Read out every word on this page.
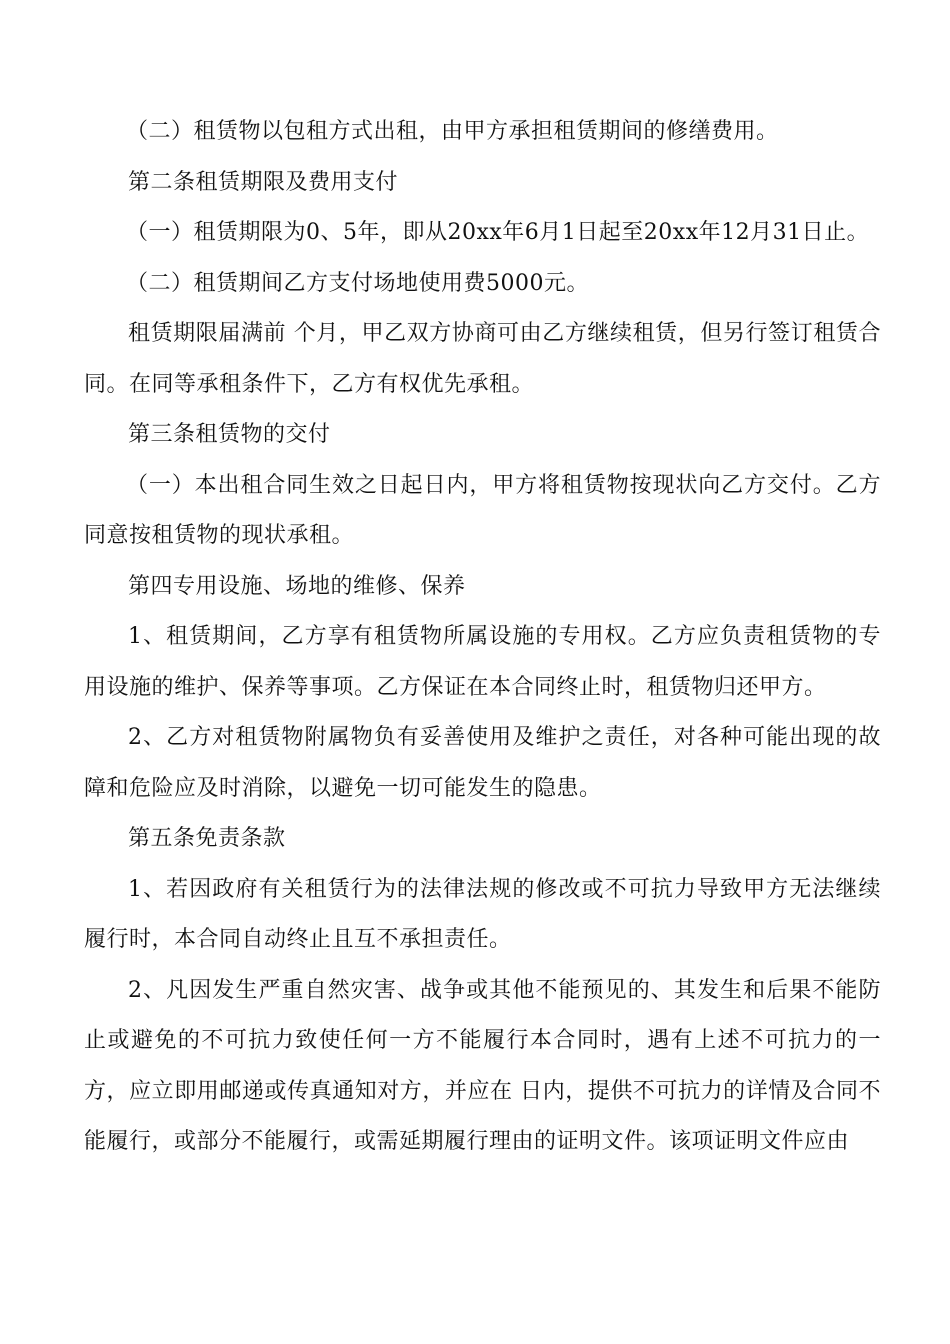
（二）租赁物以包租方式出租，由甲方承担租赁期间的修缮费用。

第二条租赁期限及费用支付

（一）租赁期限为0、5年，即从20xx年6月1日起至20xx年12月31日止。

（二）租赁期间乙方支付场地使用费5000元。

租赁期限届满前 个月，甲乙双方协商可由乙方继续租赁，但另行签订租赁合同。在同等承租条件下，乙方有权优先承租。

第三条租赁物的交付

（一）本出租合同生效之日起日内，甲方将租赁物按现状向乙方交付。乙方同意按租赁物的现状承租。

第四专用设施、场地的维修、保养

1、租赁期间，乙方享有租赁物所属设施的专用权。乙方应负责租赁物的专用设施的维护、保养等事项。乙方保证在本合同终止时，租赁物归还甲方。

2、乙方对租赁物附属物负有妥善使用及维护之责任，对各种可能出现的故障和危险应及时消除，以避免一切可能发生的隐患。

第五条免责条款

1、若因政府有关租赁行为的法律法规的修改或不可抗力导致甲方无法继续履行时，本合同自动终止且互不承担责任。

2、凡因发生严重自然灾害、战争或其他不能预见的、其发生和后果不能防止或避免的不可抗力致使任何一方不能履行本合同时，遇有上述不可抗力的一方，应立即用邮递或传真通知对方，并应在 日内，提供不可抗力的详情及合同不能履行，或部分不能履行，或需延期履行理由的证明文件。该项证明文件应由
